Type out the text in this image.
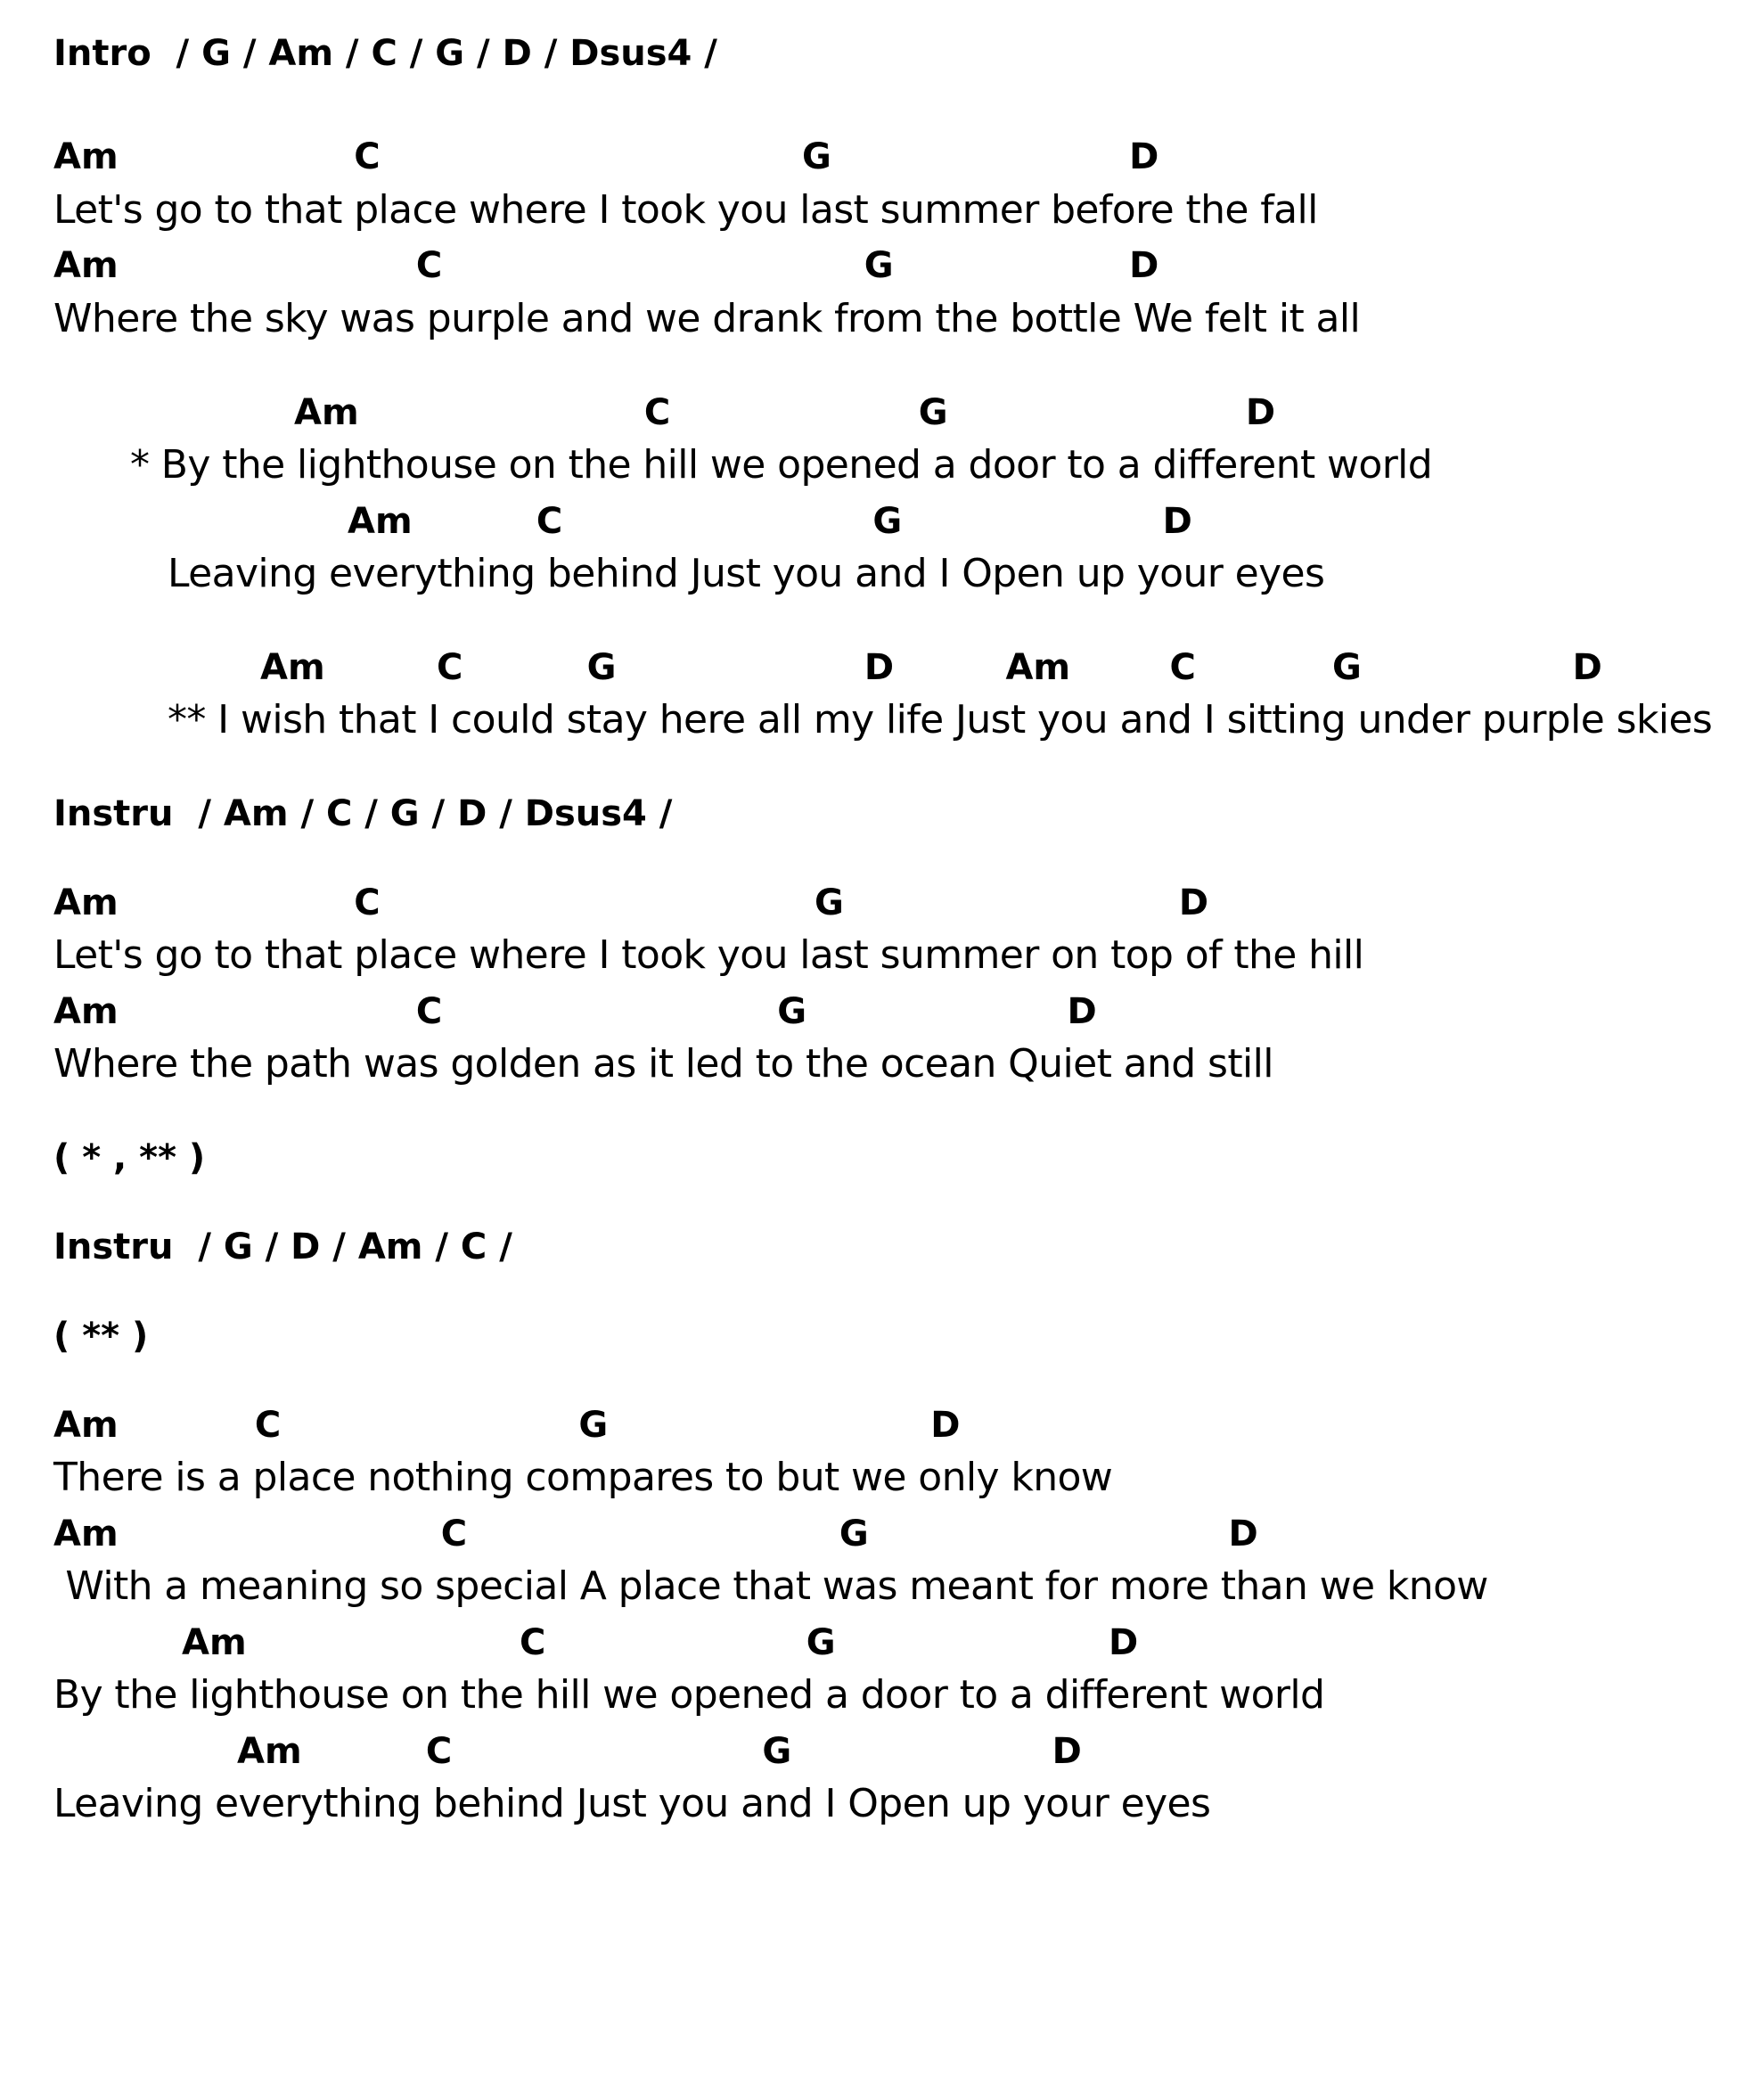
Intro  / G / Am / C / G / D / Dsus4 /
Am                   C                                  G                        D
Let's go to that place where I took you last summer before the fall
Am                        C                                  G                   D
Where the sky was purple and we drank from the bottle We felt it all
Am                       C                    G                        D
* By the lighthouse on the hill we opened a door to a different world
Am          C                         G                     D
Leaving everything behind Just you and I Open up your eyes
Am         C          G                    D         Am        C           G                 D
** I wish that I could stay here all my life Just you and I sitting under purple skies
Instru  / Am / C / G / D / Dsus4 /
Am                   C                                   G                           D
Let's go to that place where I took you last summer on top of the hill
Am                        C                           G                     D
Where the path was golden as it led to the ocean Quiet and still
( * , ** )
Instru  / G / D / Am / C /
( ** )
Am           C                        G                          D
There is a place nothing compares to but we only know
Am                          C                              G                             D
With a meaning so special A place that was meant for more than we know
Am                      C                     G                      D
By the lighthouse on the hill we opened a door to a different world
Am          C                         G                     D
Leaving everything behind Just you and I Open up your eyes
